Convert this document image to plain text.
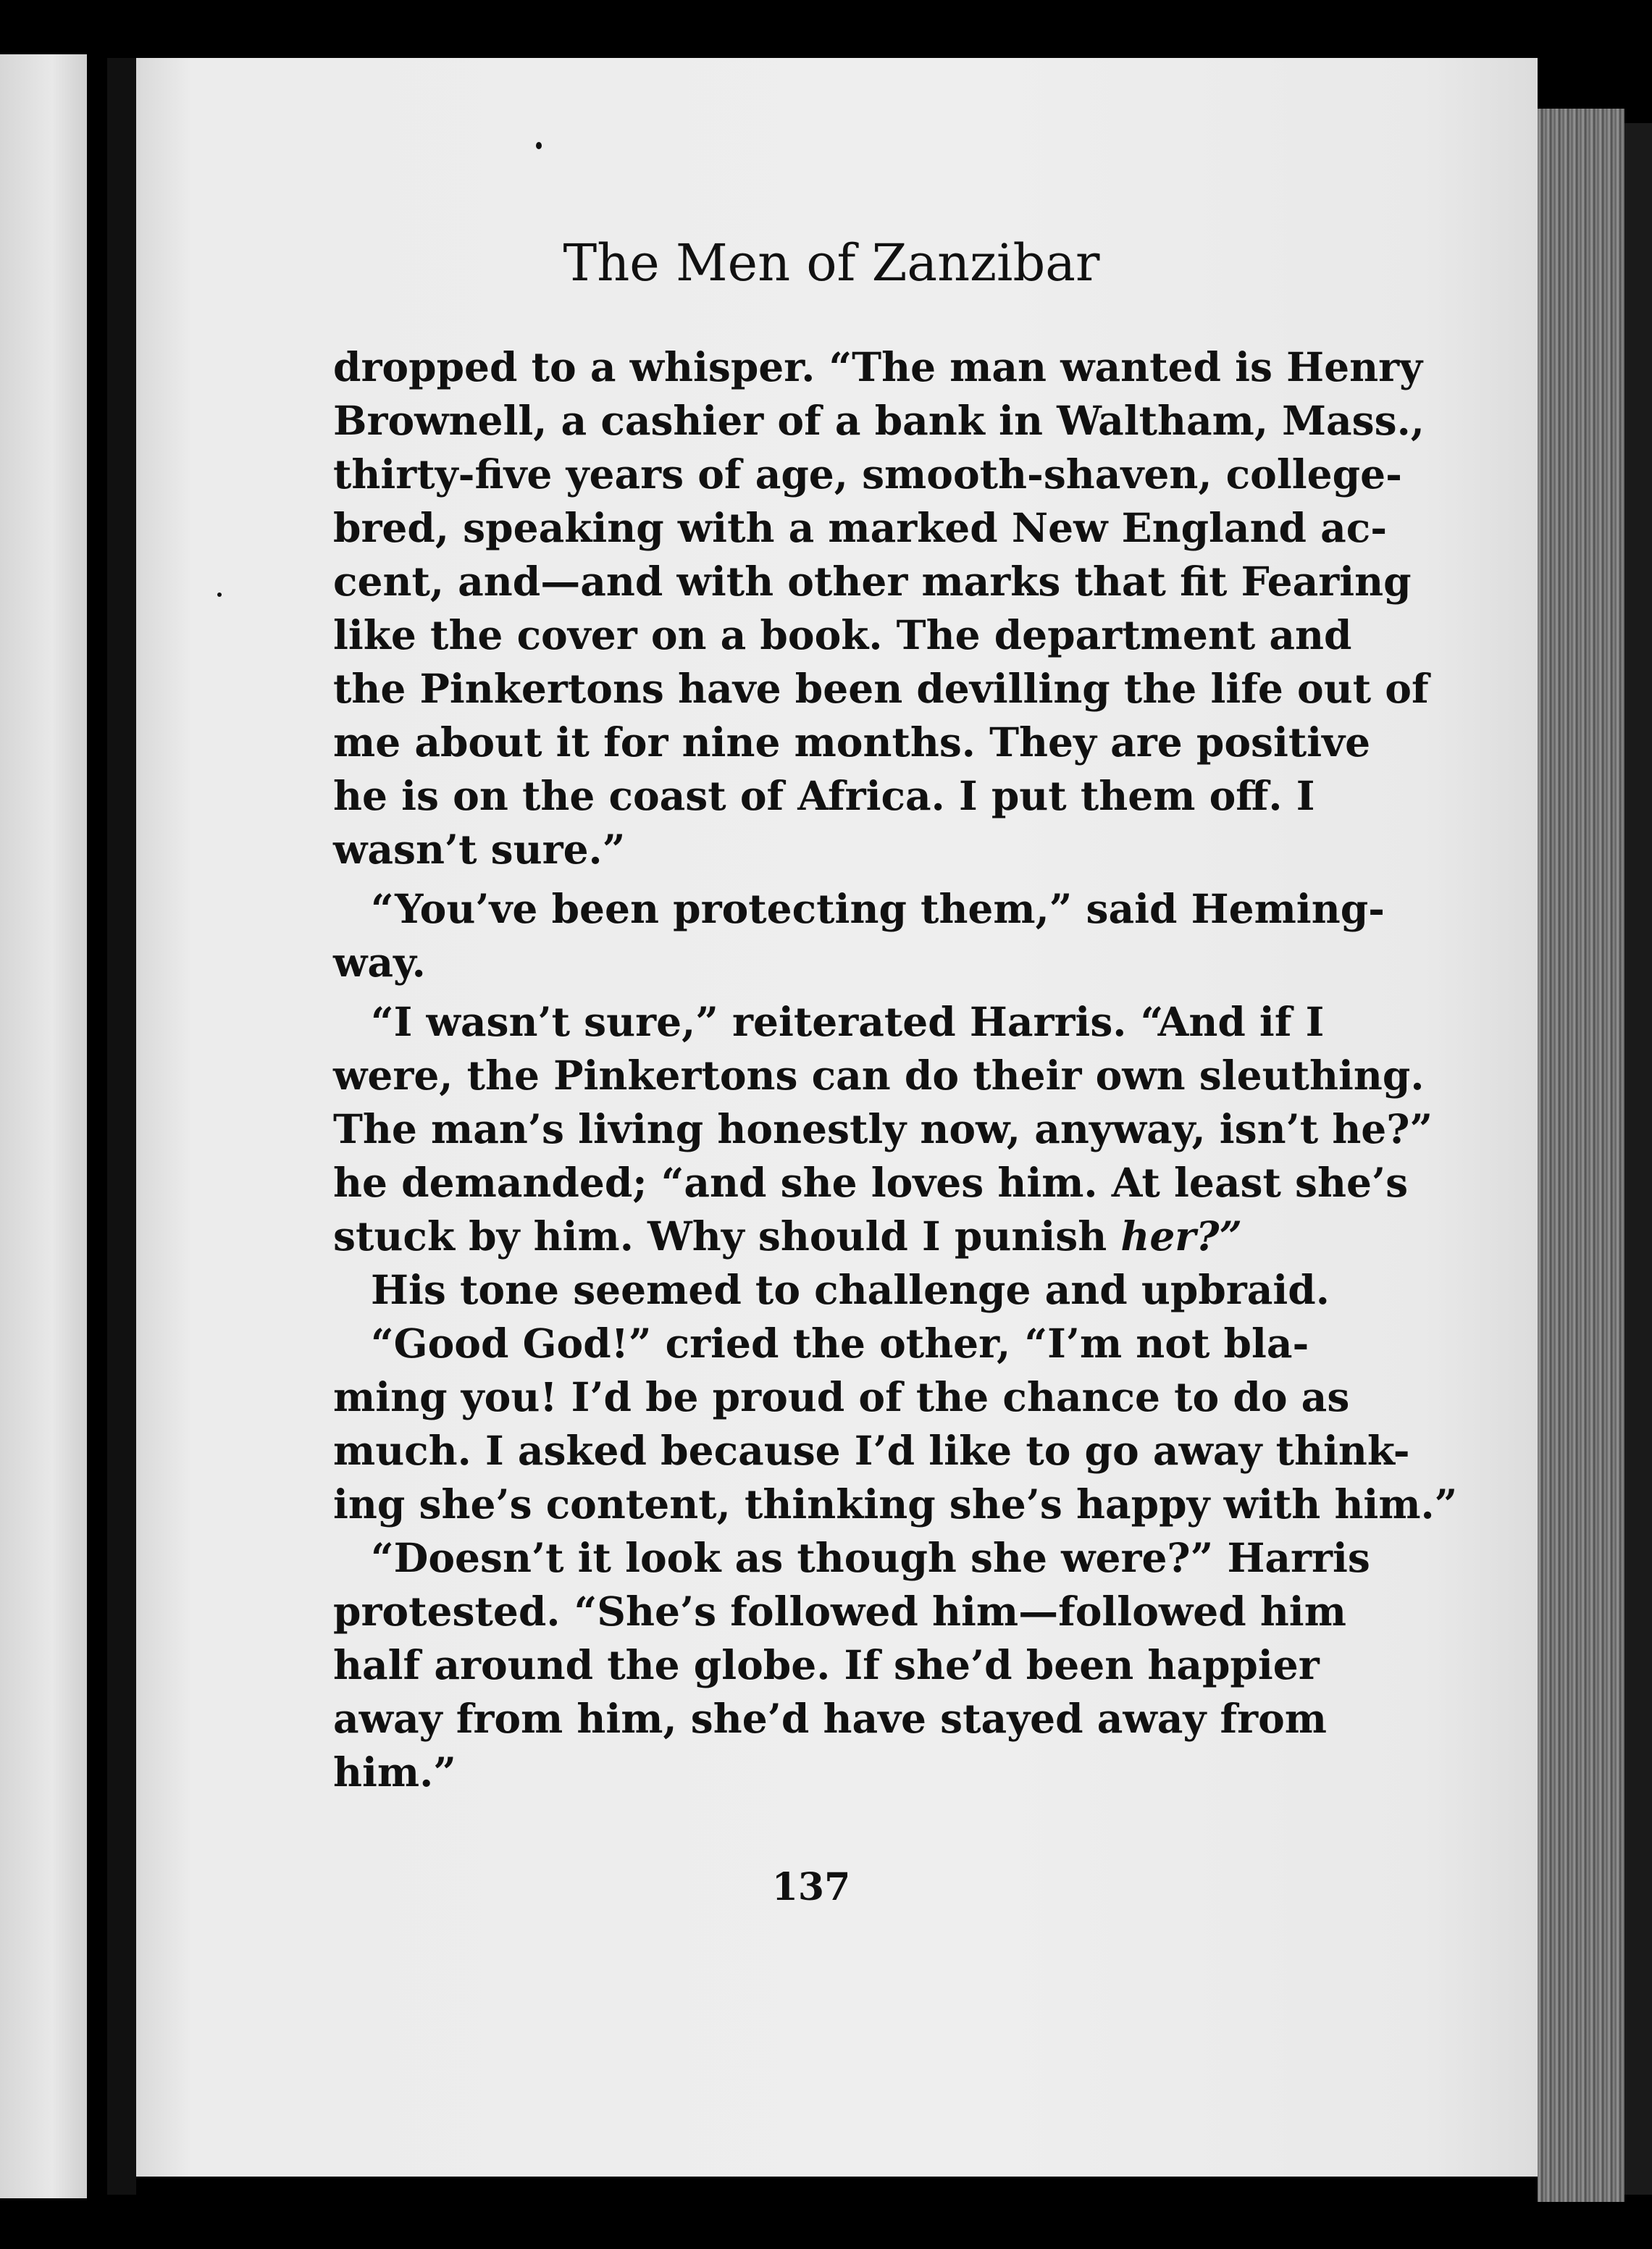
The Men of Zanzibar
dropped to a whisper. “The man wanted is Henry
Brownell, a cashier of a bank in Waltham, Mass.,
thirty-five years of age, smooth-shaven, college-
bred, speaking with a marked New England ac-
cent, and—and with other marks that fit Fearing
like the cover on a book. The department and
the Pinkertons have been devilling the life out of
me about it for nine months. They are positive
he is on the coast of Africa. I put them off. I
wasn’t sure.”
“You’ve been protecting them,” said Heming-
way.
“I wasn’t sure,” reiterated Harris. “And if I
were, the Pinkertons can do their own sleuthing.
The man’s living honestly now, anyway, isn’t he?”
he demanded; “and she loves him. At least she’s
stuck by him. Why should I punish her?”
His tone seemed to challenge and upbraid.
“Good God!” cried the other, “I’m not bla-
ming you! I’d be proud of the chance to do as
much. I asked because I’d like to go away think-
ing she’s content, thinking she’s happy with him.”
“Doesn’t it look as though she were?” Harris
protested. “She’s followed him—followed him
half around the globe. If she’d been happier
away from him, she’d have stayed away from
him.”
137
